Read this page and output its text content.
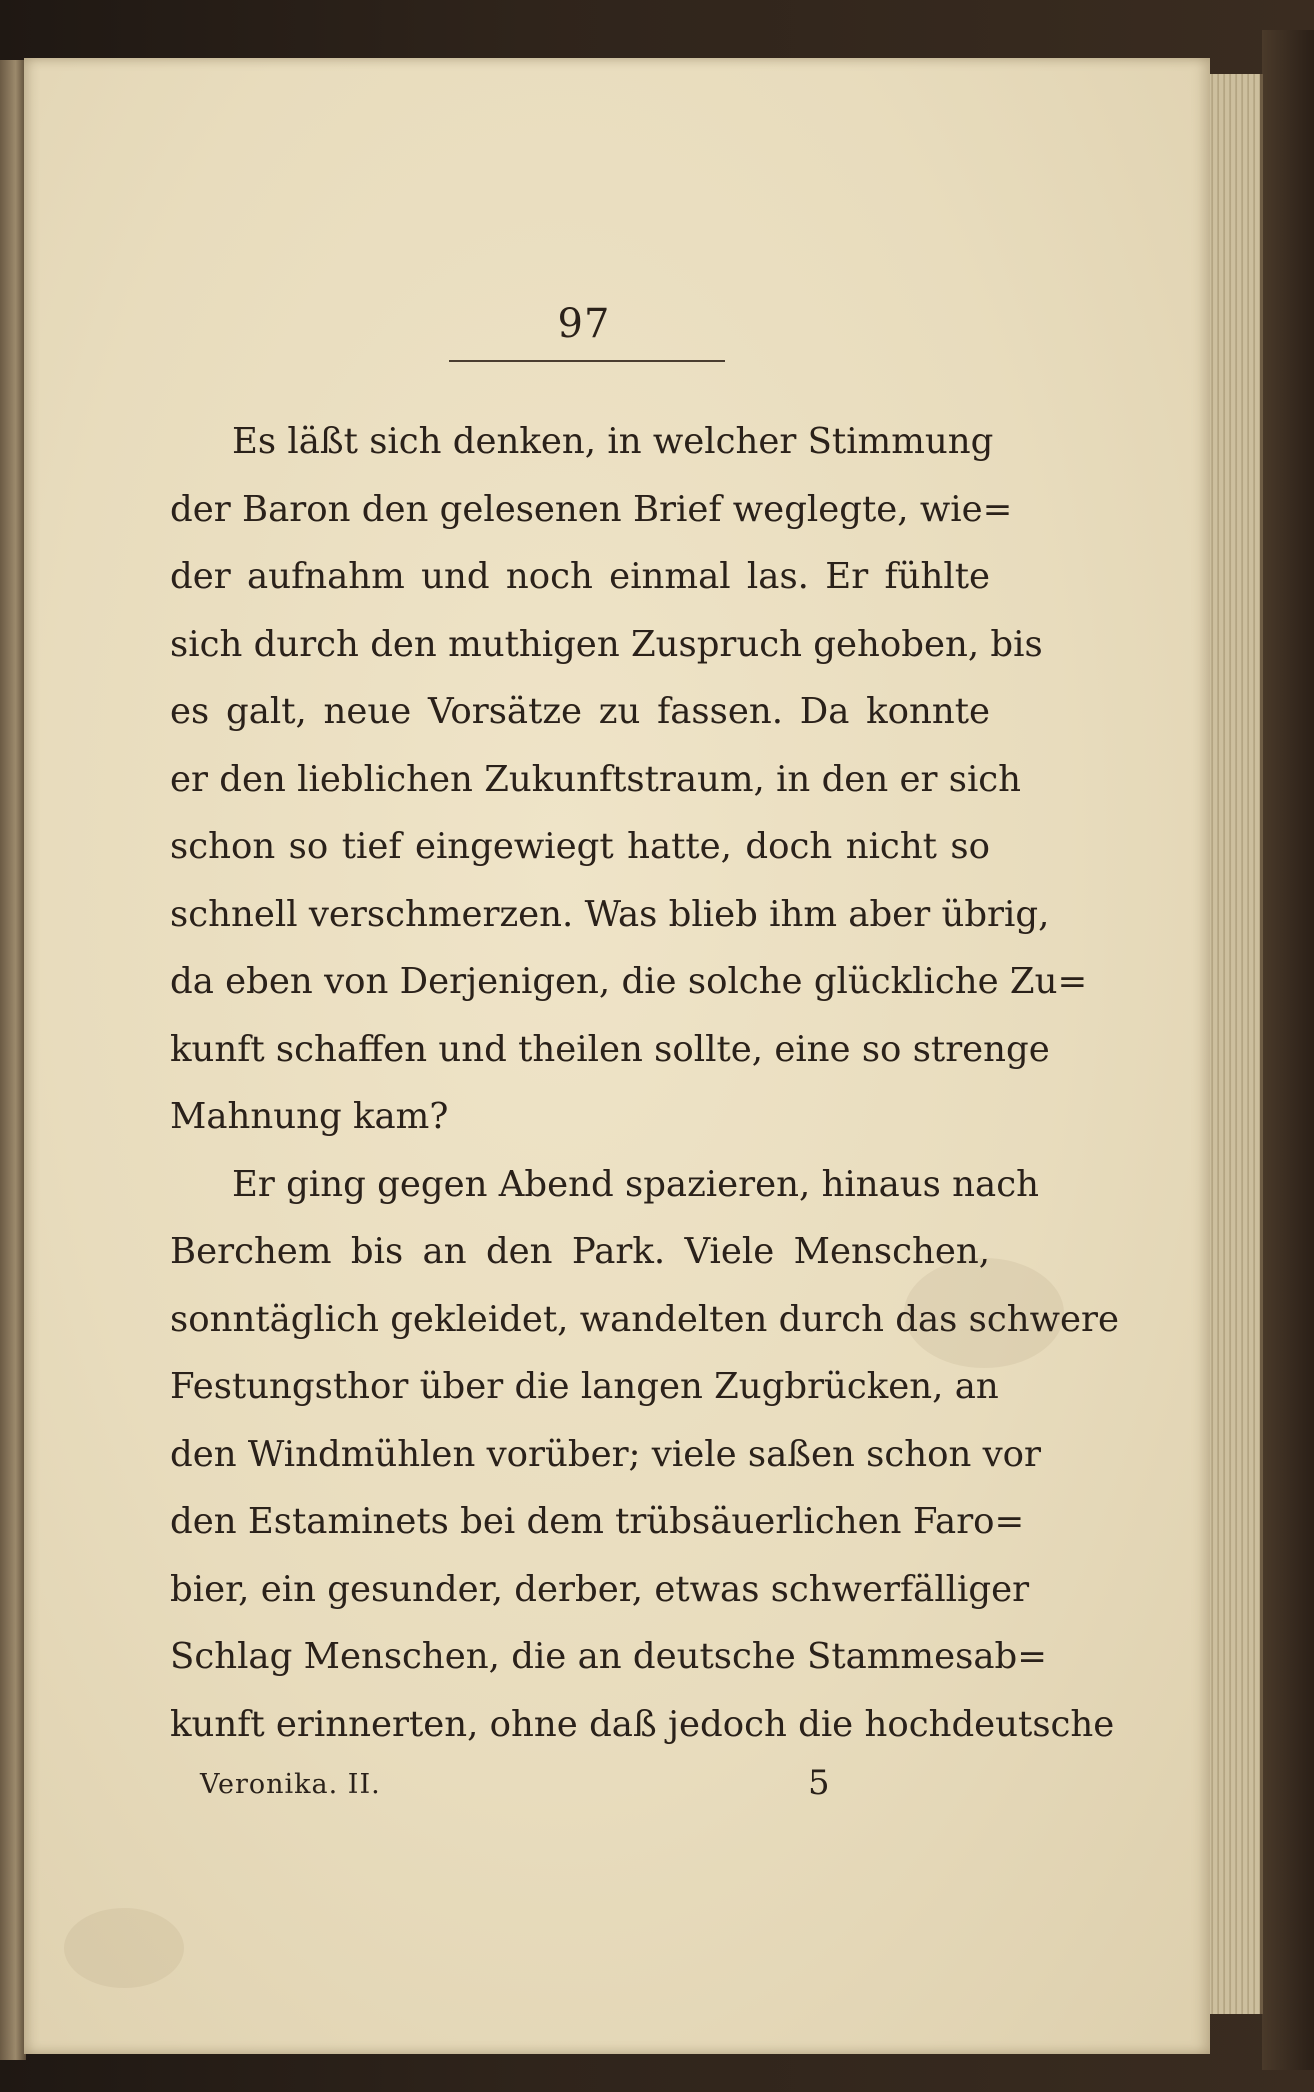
97
Es läßt sich denken, in welcher Stimmung
der Baron den gelesenen Brief weglegte, wie=
der aufnahm und noch einmal las. Er fühlte
sich durch den muthigen Zuspruch gehoben, bis
es galt, neue Vorsätze zu fassen. Da konnte
er den lieblichen Zukunftstraum, in den er sich
schon so tief eingewiegt hatte, doch nicht so
schnell verschmerzen. Was blieb ihm aber übrig,
da eben von Derjenigen, die solche glückliche Zu=
kunft schaffen und theilen sollte, eine so strenge
Mahnung kam?
Er ging gegen Abend spazieren, hinaus nach
Berchem bis an den Park. Viele Menschen,
sonntäglich gekleidet, wandelten durch das schwere
Festungsthor über die langen Zugbrücken, an
den Windmühlen vorüber; viele saßen schon vor
den Estaminets bei dem trübsäuerlichen Faro=
bier, ein gesunder, derber, etwas schwerfälliger
Schlag Menschen, die an deutsche Stammesab=
kunft erinnerten, ohne daß jedoch die hochdeutsche
Veronika. II.	5
